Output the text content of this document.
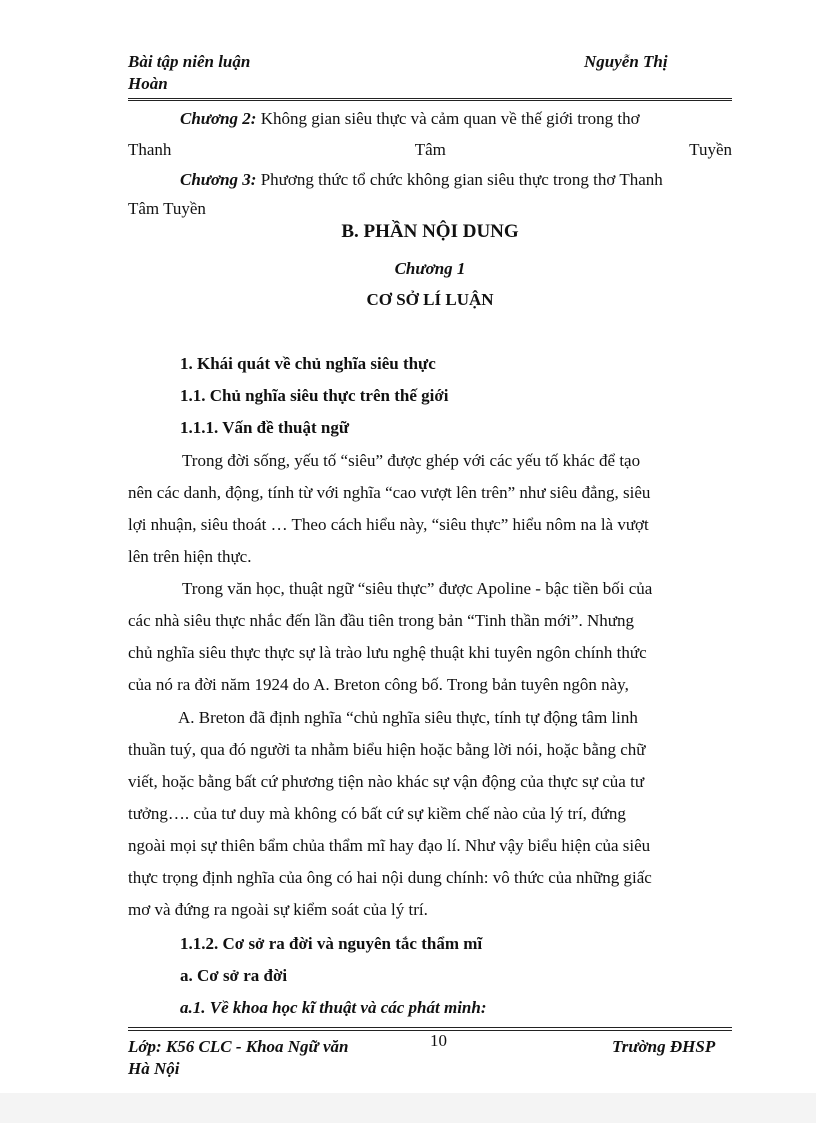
Bài tập niên luận	Nguyễn Thị
Hoàn
Chương 2: Không gian siêu thực và cảm quan về thế giới trong thơ
Thanh	Tâm	Tuyền
Chương 3: Phương thức tổ chức không gian siêu thực trong thơ Thanh
Tâm Tuyền
B. PHẦN NỘI DUNG
Chương 1
CƠ SỞ LÍ LUẬN
1. Khái quát về chủ nghĩa siêu thực
1.1. Chủ nghĩa siêu thực trên thế giới
1.1.1. Vấn đề thuật ngữ
Trong đời sống, yếu tố “siêu” được ghép với các yếu tố khác để tạo
nên các danh, động, tính từ với nghĩa “cao vượt lên trên” như siêu đẳng, siêu
lợi nhuận, siêu thoát … Theo cách hiểu này, “siêu thực” hiểu nôm na là vượt
lên trên hiện thực.
Trong văn học, thuật ngữ “siêu thực” được Apoline - bậc tiền bối của
các nhà siêu thực nhắc đến lần đầu tiên trong bản “Tinh thần mới”. Nhưng
chủ nghĩa siêu thực thực sự là trào lưu nghệ thuật khi tuyên ngôn chính thức
của nó ra đời năm 1924 do A. Breton công bố. Trong bản tuyên ngôn này,
A. Breton đã định nghĩa “chủ nghĩa siêu thực, tính tự động tâm linh
thuần tuý, qua đó người ta nhằm biểu hiện hoặc bằng lời nói, hoặc bằng chữ
viết, hoặc bằng bất cứ phương tiện nào khác sự vận động của thực sự của tư
tưởng…. của tư duy mà không có bất cứ sự kiềm chế nào của lý trí, đứng
ngoài mọi sự thiên bẩm chủa thẩm mĩ hay đạo lí. Như vậy biểu hiện của siêu
thực trọng định nghĩa của ông có hai nội dung chính: vô thức của những giấc
mơ và đứng ra ngoài sự kiểm soát của lý trí.
1.1.2. Cơ sở ra đời và nguyên tắc thẩm mĩ
a. Cơ sở ra đời
a.1. Về khoa học kĩ thuật và các phát minh:
Lớp: K56 CLC - Khoa Ngữ văn	10	Trường ĐHSP
Hà Nội
